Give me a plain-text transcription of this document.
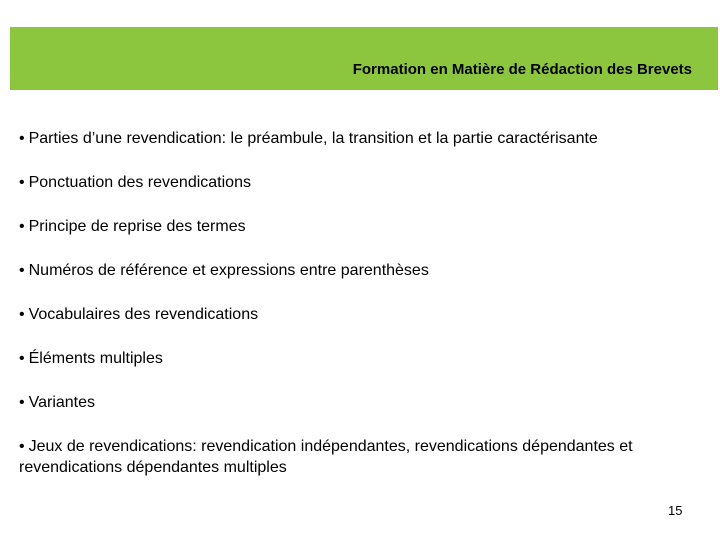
Formation en Matière de Rédaction des Brevets
• Parties d’une revendication: le préambule, la transition et la partie caractérisante
• Ponctuation des revendications
• Principe de reprise des termes
• Numéros de référence et expressions entre parenthèses
• Vocabulaires des revendications
• Éléments multiples
• Variantes
• Jeux de revendications: revendication indépendantes, revendications dépendantes et revendications dépendantes multiples
15
